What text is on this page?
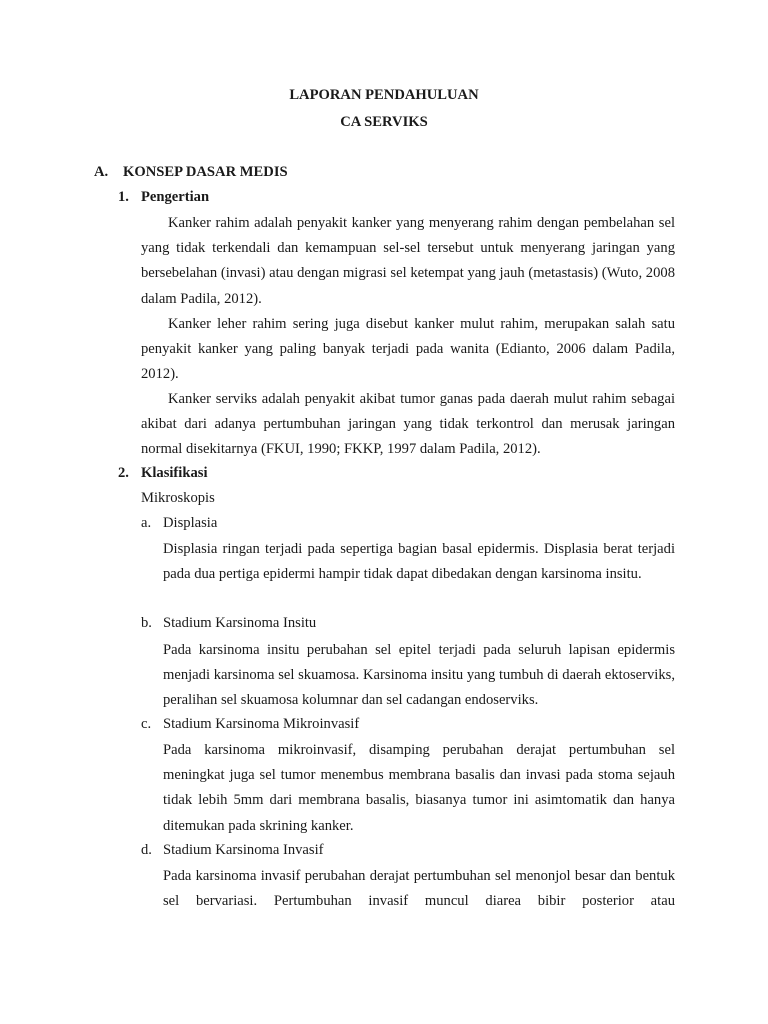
LAPORAN PENDAHULUAN
CA SERVIKS
A. KONSEP DASAR MEDIS
1. Pengertian
Kanker rahim adalah penyakit kanker yang menyerang rahim dengan pembelahan sel yang tidak terkendali dan kemampuan sel-sel tersebut untuk menyerang jaringan yang bersebelahan (invasi) atau dengan migrasi sel ketempat yang jauh (metastasis) (Wuto, 2008 dalam Padila, 2012).
Kanker leher rahim sering juga disebut kanker mulut rahim, merupakan salah satu penyakit kanker yang paling banyak terjadi pada wanita (Edianto, 2006 dalam Padila, 2012).
Kanker serviks adalah penyakit akibat tumor ganas pada daerah mulut rahim sebagai akibat dari adanya pertumbuhan jaringan yang tidak terkontrol dan merusak jaringan normal disekitarnya (FKUI, 1990; FKKP, 1997 dalam Padila, 2012).
2. Klasifikasi
Mikroskopis
a. Displasia
Displasia ringan terjadi pada sepertiga bagian basal epidermis. Displasia berat terjadi pada dua pertiga epidermi hampir tidak dapat dibedakan dengan karsinoma insitu.
b. Stadium Karsinoma Insitu
Pada karsinoma insitu perubahan sel epitel terjadi pada seluruh lapisan epidermis menjadi karsinoma sel skuamosa. Karsinoma insitu yang tumbuh di daerah ektoserviks, peralihan sel skuamosa kolumnar dan sel cadangan endoserviks.
c. Stadium Karsinoma Mikroinvasif
Pada karsinoma mikroinvasif, disamping perubahan derajat pertumbuhan sel meningkat juga sel tumor menembus membrana basalis dan invasi pada stoma sejauh tidak lebih 5mm dari membrana basalis, biasanya tumor ini asimtomatik dan hanya ditemukan pada skrining kanker.
d. Stadium Karsinoma Invasif
Pada karsinoma invasif perubahan derajat pertumbuhan sel menonjol besar dan bentuk sel bervariasi. Pertumbuhan invasif muncul diarea bibir posterior atau
